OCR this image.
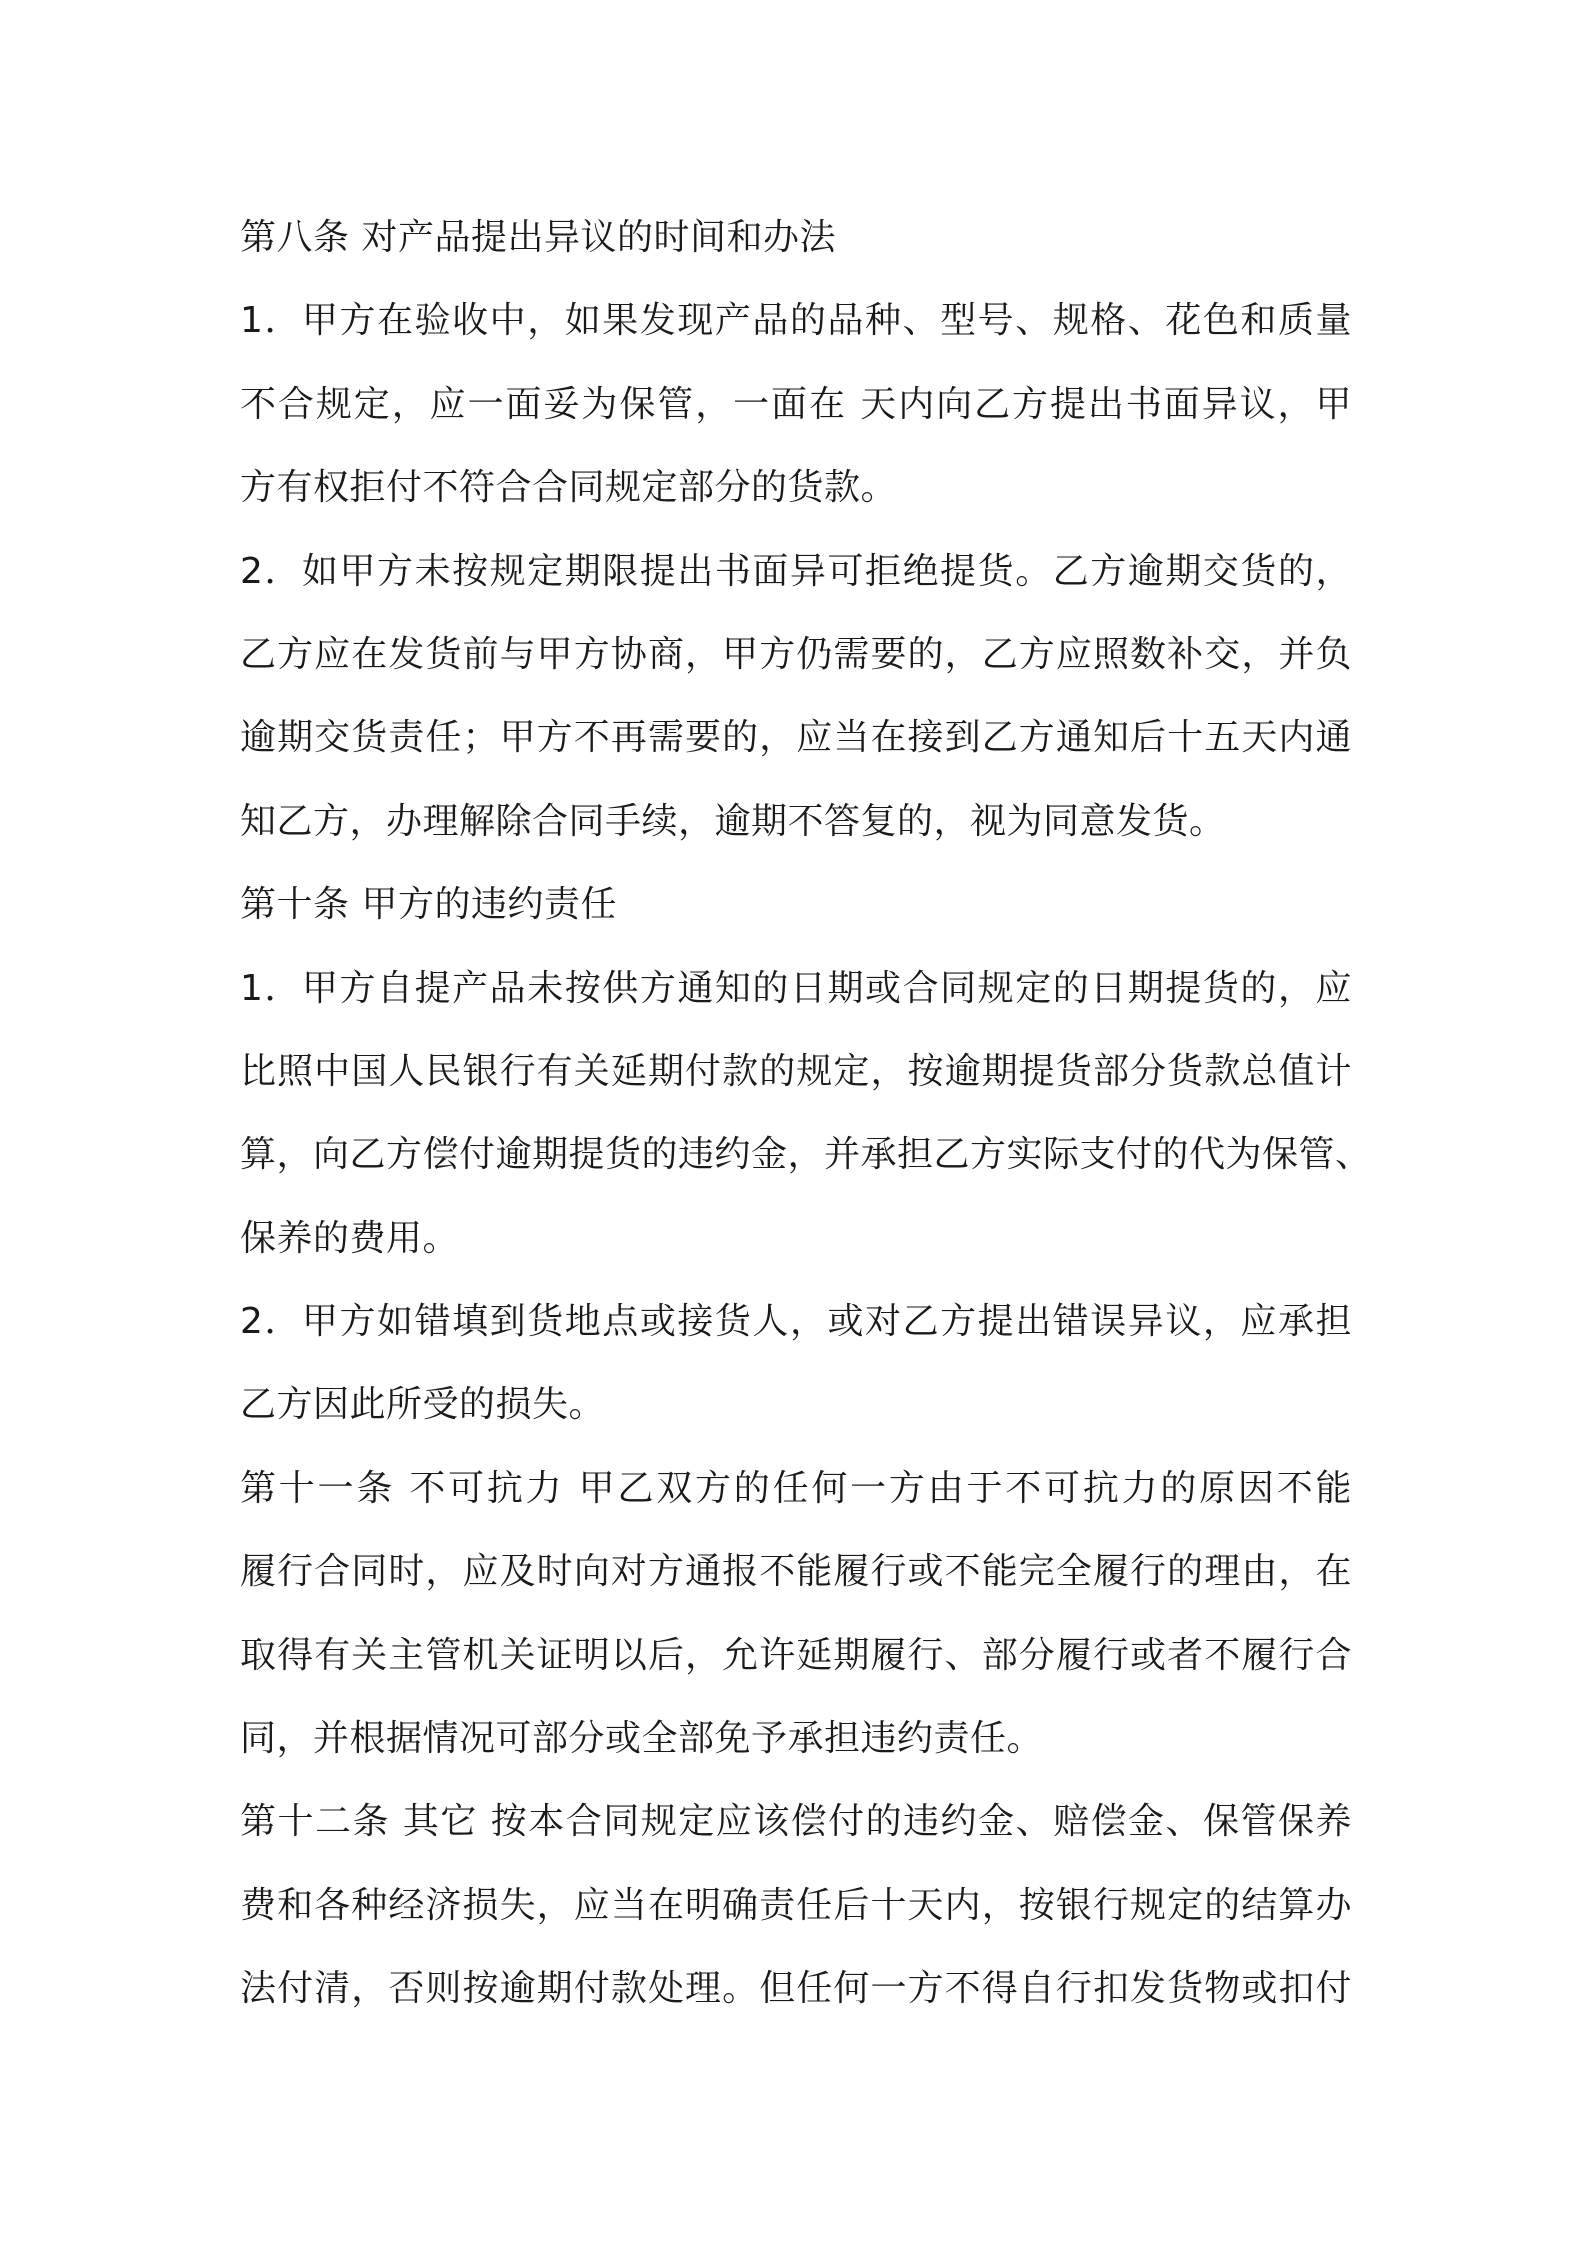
第八条 对产品提出异议的时间和办法
1．甲方在验收中，如果发现产品的品种、型号、规格、花色和质量
不合规定，应一面妥为保管，一面在 天内向乙方提出书面异议，甲
方有权拒付不符合合同规定部分的货款。
2．如甲方未按规定期限提出书面异可拒绝提货。乙方逾期交货的，
乙方应在发货前与甲方协商，甲方仍需要的，乙方应照数补交，并负
逾期交货责任；甲方不再需要的，应当在接到乙方通知后十五天内通
知乙方，办理解除合同手续，逾期不答复的，视为同意发货。
第十条 甲方的违约责任
1．甲方自提产品未按供方通知的日期或合同规定的日期提货的，应
比照中国人民银行有关延期付款的规定，按逾期提货部分货款总值计
算，向乙方偿付逾期提货的违约金，并承担乙方实际支付的代为保管、
保养的费用。
2．甲方如错填到货地点或接货人，或对乙方提出错误异议，应承担
乙方因此所受的损失。
第十一条 不可抗力 甲乙双方的任何一方由于不可抗力的原因不能
履行合同时，应及时向对方通报不能履行或不能完全履行的理由，在
取得有关主管机关证明以后，允许延期履行、部分履行或者不履行合
同，并根据情况可部分或全部免予承担违约责任。
第十二条 其它 按本合同规定应该偿付的违约金、赔偿金、保管保养
费和各种经济损失，应当在明确责任后十天内，按银行规定的结算办
法付清，否则按逾期付款处理。但任何一方不得自行扣发货物或扣付
